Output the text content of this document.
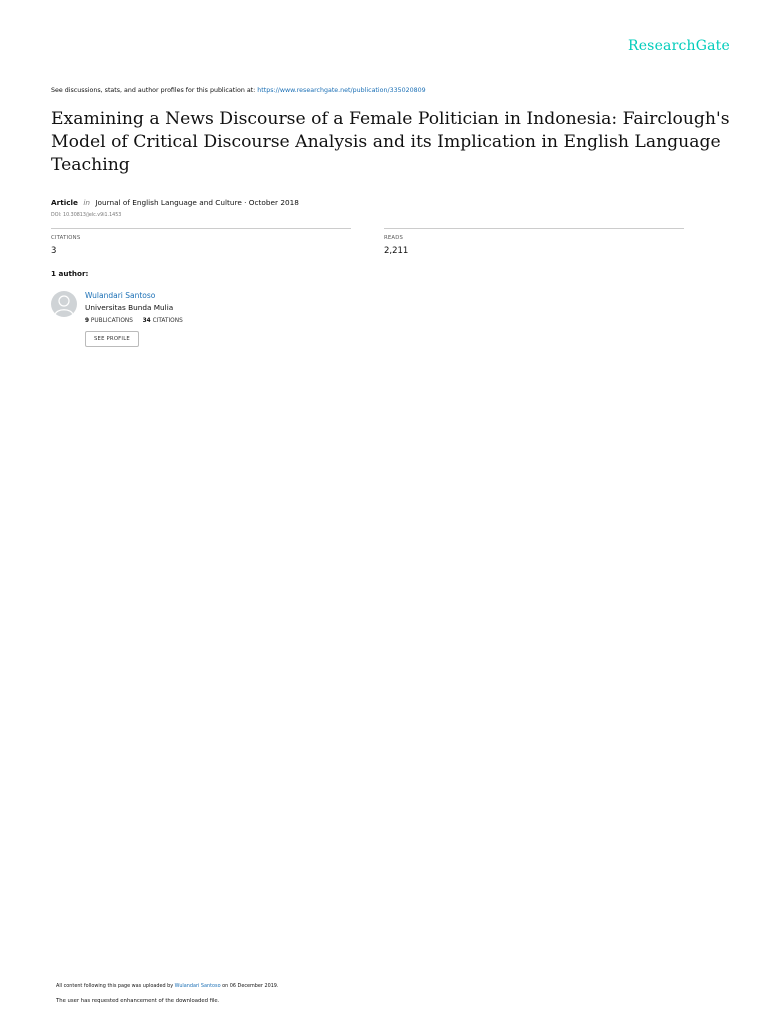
ResearchGate
See discussions, stats, and author profiles for this publication at: https://www.researchgate.net/publication/335020809
Examining a News Discourse of a Female Politician in Indonesia: Fairclough's Model of Critical Discourse Analysis and its Implication in English Language Teaching
Article in Journal of English Language and Culture · October 2018
DOI: 10.30813/jelc.v9i1.1453
CITATIONS
3
READS
2,211
1 author:
Wulandari Santoso
Universitas Bunda Mulia
9 PUBLICATIONS 34 CITATIONS
SEE PROFILE
All content following this page was uploaded by Wulandari Santoso on 06 December 2019.
The user has requested enhancement of the downloaded file.
